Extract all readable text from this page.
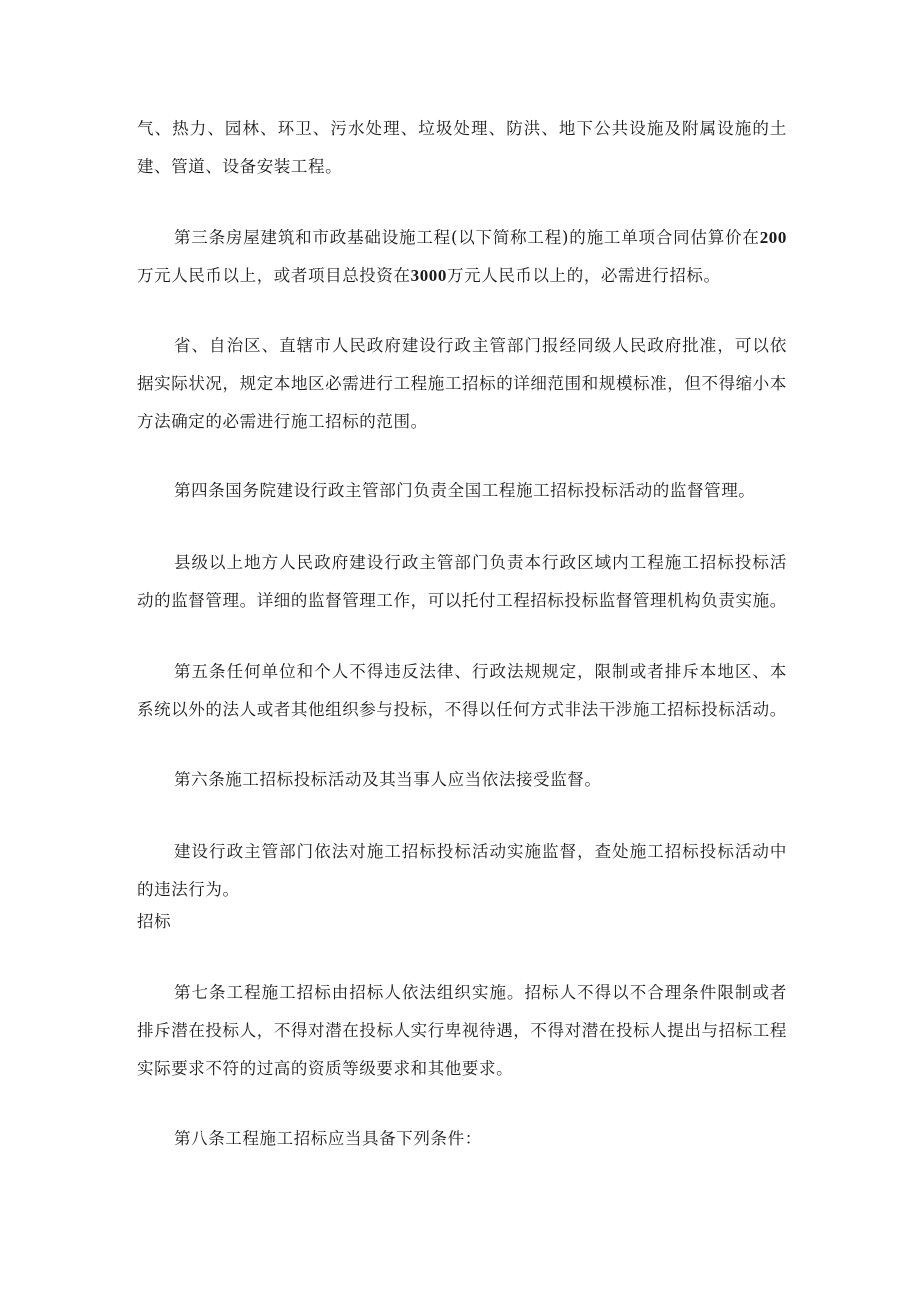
气、热力、园林、环卫、污水处理、垃圾处理、防洪、地下公共设施及附属设施的土建、管道、设备安装工程。

第三条房屋建筑和市政基础设施工程(以下简称工程)的施工单项合同估算价在200万元人民币以上，或者项目总投资在3000万元人民币以上的，必需进行招标。

省、自治区、直辖市人民政府建设行政主管部门报经同级人民政府批准，可以依据实际状况，规定本地区必需进行工程施工招标的详细范围和规模标准，但不得缩小本方法确定的必需进行施工招标的范围。

第四条国务院建设行政主管部门负责全国工程施工招标投标活动的监督管理。

县级以上地方人民政府建设行政主管部门负责本行政区域内工程施工招标投标活动的监督管理。详细的监督管理工作，可以托付工程招标投标监督管理机构负责实施。

第五条任何单位和个人不得违反法律、行政法规规定，限制或者排斥本地区、本系统以外的法人或者其他组织参与投标，不得以任何方式非法干涉施工招标投标活动。

第六条施工招标投标活动及其当事人应当依法接受监督。

建设行政主管部门依法对施工招标投标活动实施监督，查处施工招标投标活动中的违法行为。

招标

第七条工程施工招标由招标人依法组织实施。招标人不得以不合理条件限制或者排斥潜在投标人，不得对潜在投标人实行卑视待遇，不得对潜在投标人提出与招标工程实际要求不符的过高的资质等级要求和其他要求。

第八条工程施工招标应当具备下列条件：
